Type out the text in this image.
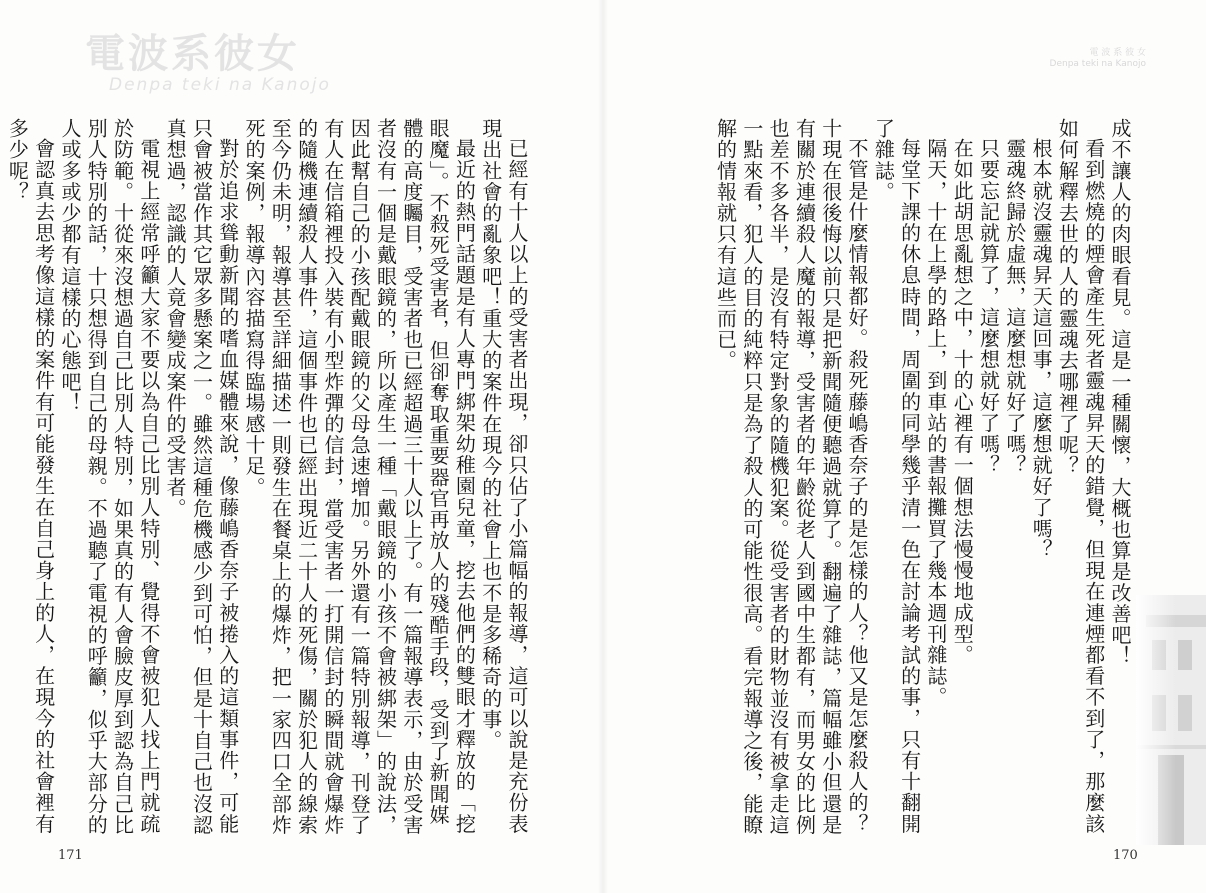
電波系彼女
Denpa teki na Kanojo

已經有十人以上的受害者出現，卻只佔了小篇幅的報導，這可以說是充份表現出社會的亂象吧！重大的案件在現今的社會上也不是多稀奇的事。

最近的熱門話題是有人專門綁架幼稚園兒童，挖去他們的雙眼才釋放的「挖眼魔」。不殺死受害者，但卻奪取重要器官再放人的殘酷手段，受到了新聞媒體的高度矚目，受害者也已經超過三十人以上了。有一篇報導表示，由於受害者沒有一個是戴眼鏡的，所以產生一種「戴眼鏡的小孩不會被綁架」的說法，因此幫自己的小孩配戴眼鏡的父母急速增加。另外還有一篇特別報導，刊登了有人在信箱裡投入裝有小型炸彈的信封，當受害者一打開信封的瞬間就會爆炸的隨機連續殺人事件，這個事件也已經出現近二十人的死傷，關於犯人的線索至今仍未明，報導甚至詳細描述一則發生在餐桌上的爆炸，把一家四口全部炸死的案例，報導內容描寫得臨場感十足。

對於追求聳動新聞的嗜血媒體來說，像藤嶋香奈子被捲入的這類事件，可能只會被當作其它眾多懸案之一。雖然這種危機感少到可怕，但是十自己也沒認真想過，認識的人竟會變成案件的受害者。

電視上經常呼籲大家不要以為自己比別人特別、覺得不會被犯人找上門就疏於防範。十從來沒想過自己比別人特別，如果真的有人會臉皮厚到認為自己比別人特別的話，十只想得到自己的母親。不過聽了電視的呼籲，似乎大部分的人或多或少都有這樣的心態吧！

會認真去思考像這樣的案件有可能發生在自己身上的人，在現今的社會裡有多少呢？

171
電 波 系 彼 女
Denpa teki na Kanojo

成不讓人的肉眼看見。這是一種關懷，大概也算是改善吧！

看到燃燒的煙會產生死者靈魂昇天的錯覺，但現在連煙都看不到了，那麼該如何解釋去世的人的靈魂去哪裡了呢？

根本就沒靈魂昇天這回事，這麼想就好了嗎？

靈魂終歸於虛無，這麼想就好了嗎？

只要忘記就算了，這麼想就好了嗎？

在如此胡思亂想之中，十的心裡有一個想法慢慢地成型。

隔天，十在上學的路上，到車站的書報攤買了幾本週刊雜誌。

每堂下課的休息時間，周圍的同學幾乎清一色在討論考試的事，只有十翻開了雜誌。

不管是什麼情報都好。殺死藤嶋香奈子的是怎樣的人？他又是怎麼殺人的？十現在很後悔以前只是把新聞隨便聽過就算了。翻遍了雜誌，篇幅雖小但還是有關於連續殺人魔的報導，受害者的年齡從老人到國中生都有，而男女的比例也差不多各半，是沒有特定對象的隨機犯案。從受害者的財物並沒有被拿走這一點來看，犯人的目的純粹只是為了殺人的可能性很高。看完報導之後，能瞭解的情報就只有這些而已。

170
